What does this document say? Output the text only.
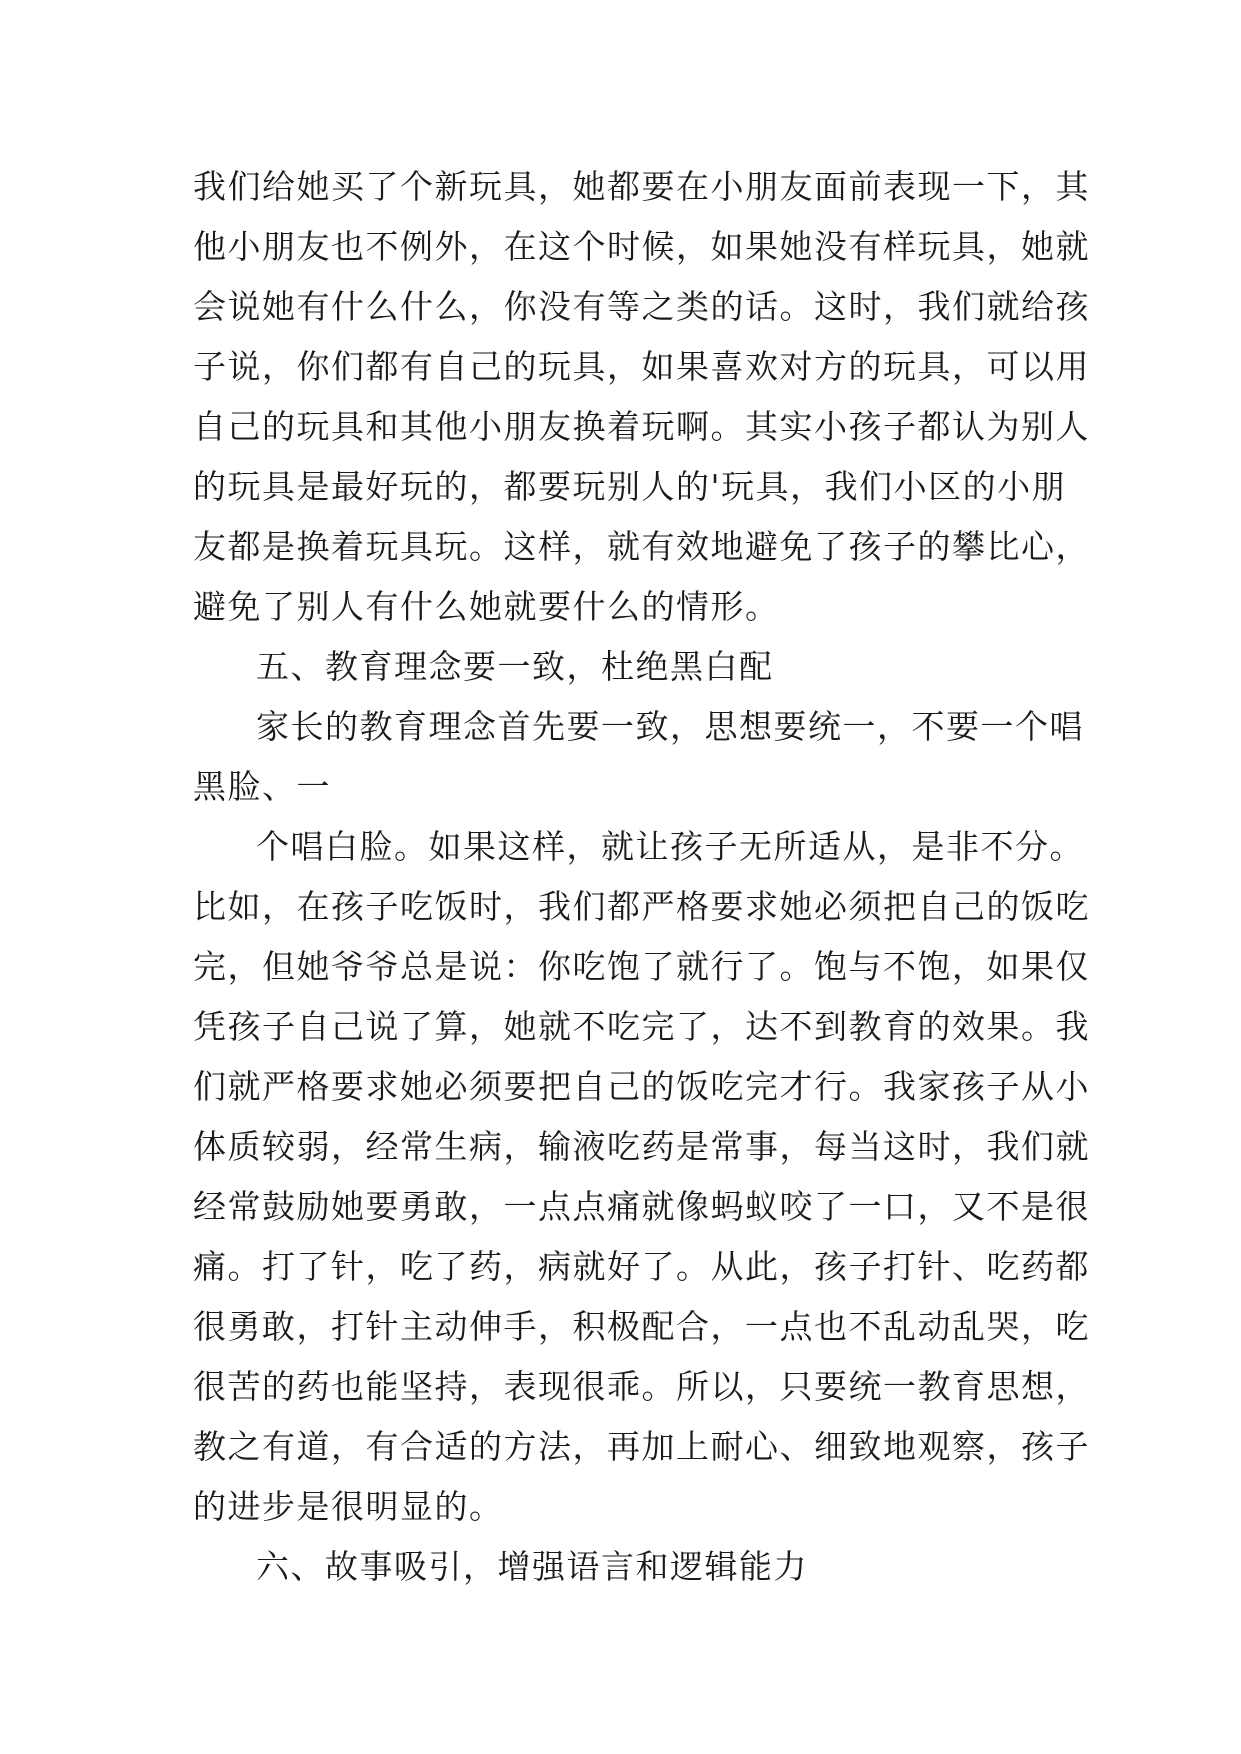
我们给她买了个新玩具，她都要在小朋友面前表现一下，其
他小朋友也不例外，在这个时候，如果她没有样玩具，她就
会说她有什么什么，你没有等之类的话。这时，我们就给孩
子说，你们都有自己的玩具，如果喜欢对方的玩具，可以用
自己的玩具和其他小朋友换着玩啊。其实小孩子都认为别人
的玩具是最好玩的，都要玩别人的'玩具，我们小区的小朋
友都是换着玩具玩。这样，就有效地避免了孩子的攀比心，
避免了别人有什么她就要什么的情形。
五、教育理念要一致，杜绝黑白配
家长的教育理念首先要一致，思想要统一，不要一个唱
黑脸、一
个唱白脸。如果这样，就让孩子无所适从，是非不分。
比如，在孩子吃饭时，我们都严格要求她必须把自己的饭吃
完，但她爷爷总是说：你吃饱了就行了。饱与不饱，如果仅
凭孩子自己说了算，她就不吃完了，达不到教育的效果。我
们就严格要求她必须要把自己的饭吃完才行。我家孩子从小
体质较弱，经常生病，输液吃药是常事，每当这时，我们就
经常鼓励她要勇敢，一点点痛就像蚂蚁咬了一口，又不是很
痛。打了针，吃了药，病就好了。从此，孩子打针、吃药都
很勇敢，打针主动伸手，积极配合，一点也不乱动乱哭，吃
很苦的药也能坚持，表现很乖。所以，只要统一教育思想，
教之有道，有合适的方法，再加上耐心、细致地观察，孩子
的进步是很明显的。
六、故事吸引，增强语言和逻辑能力
